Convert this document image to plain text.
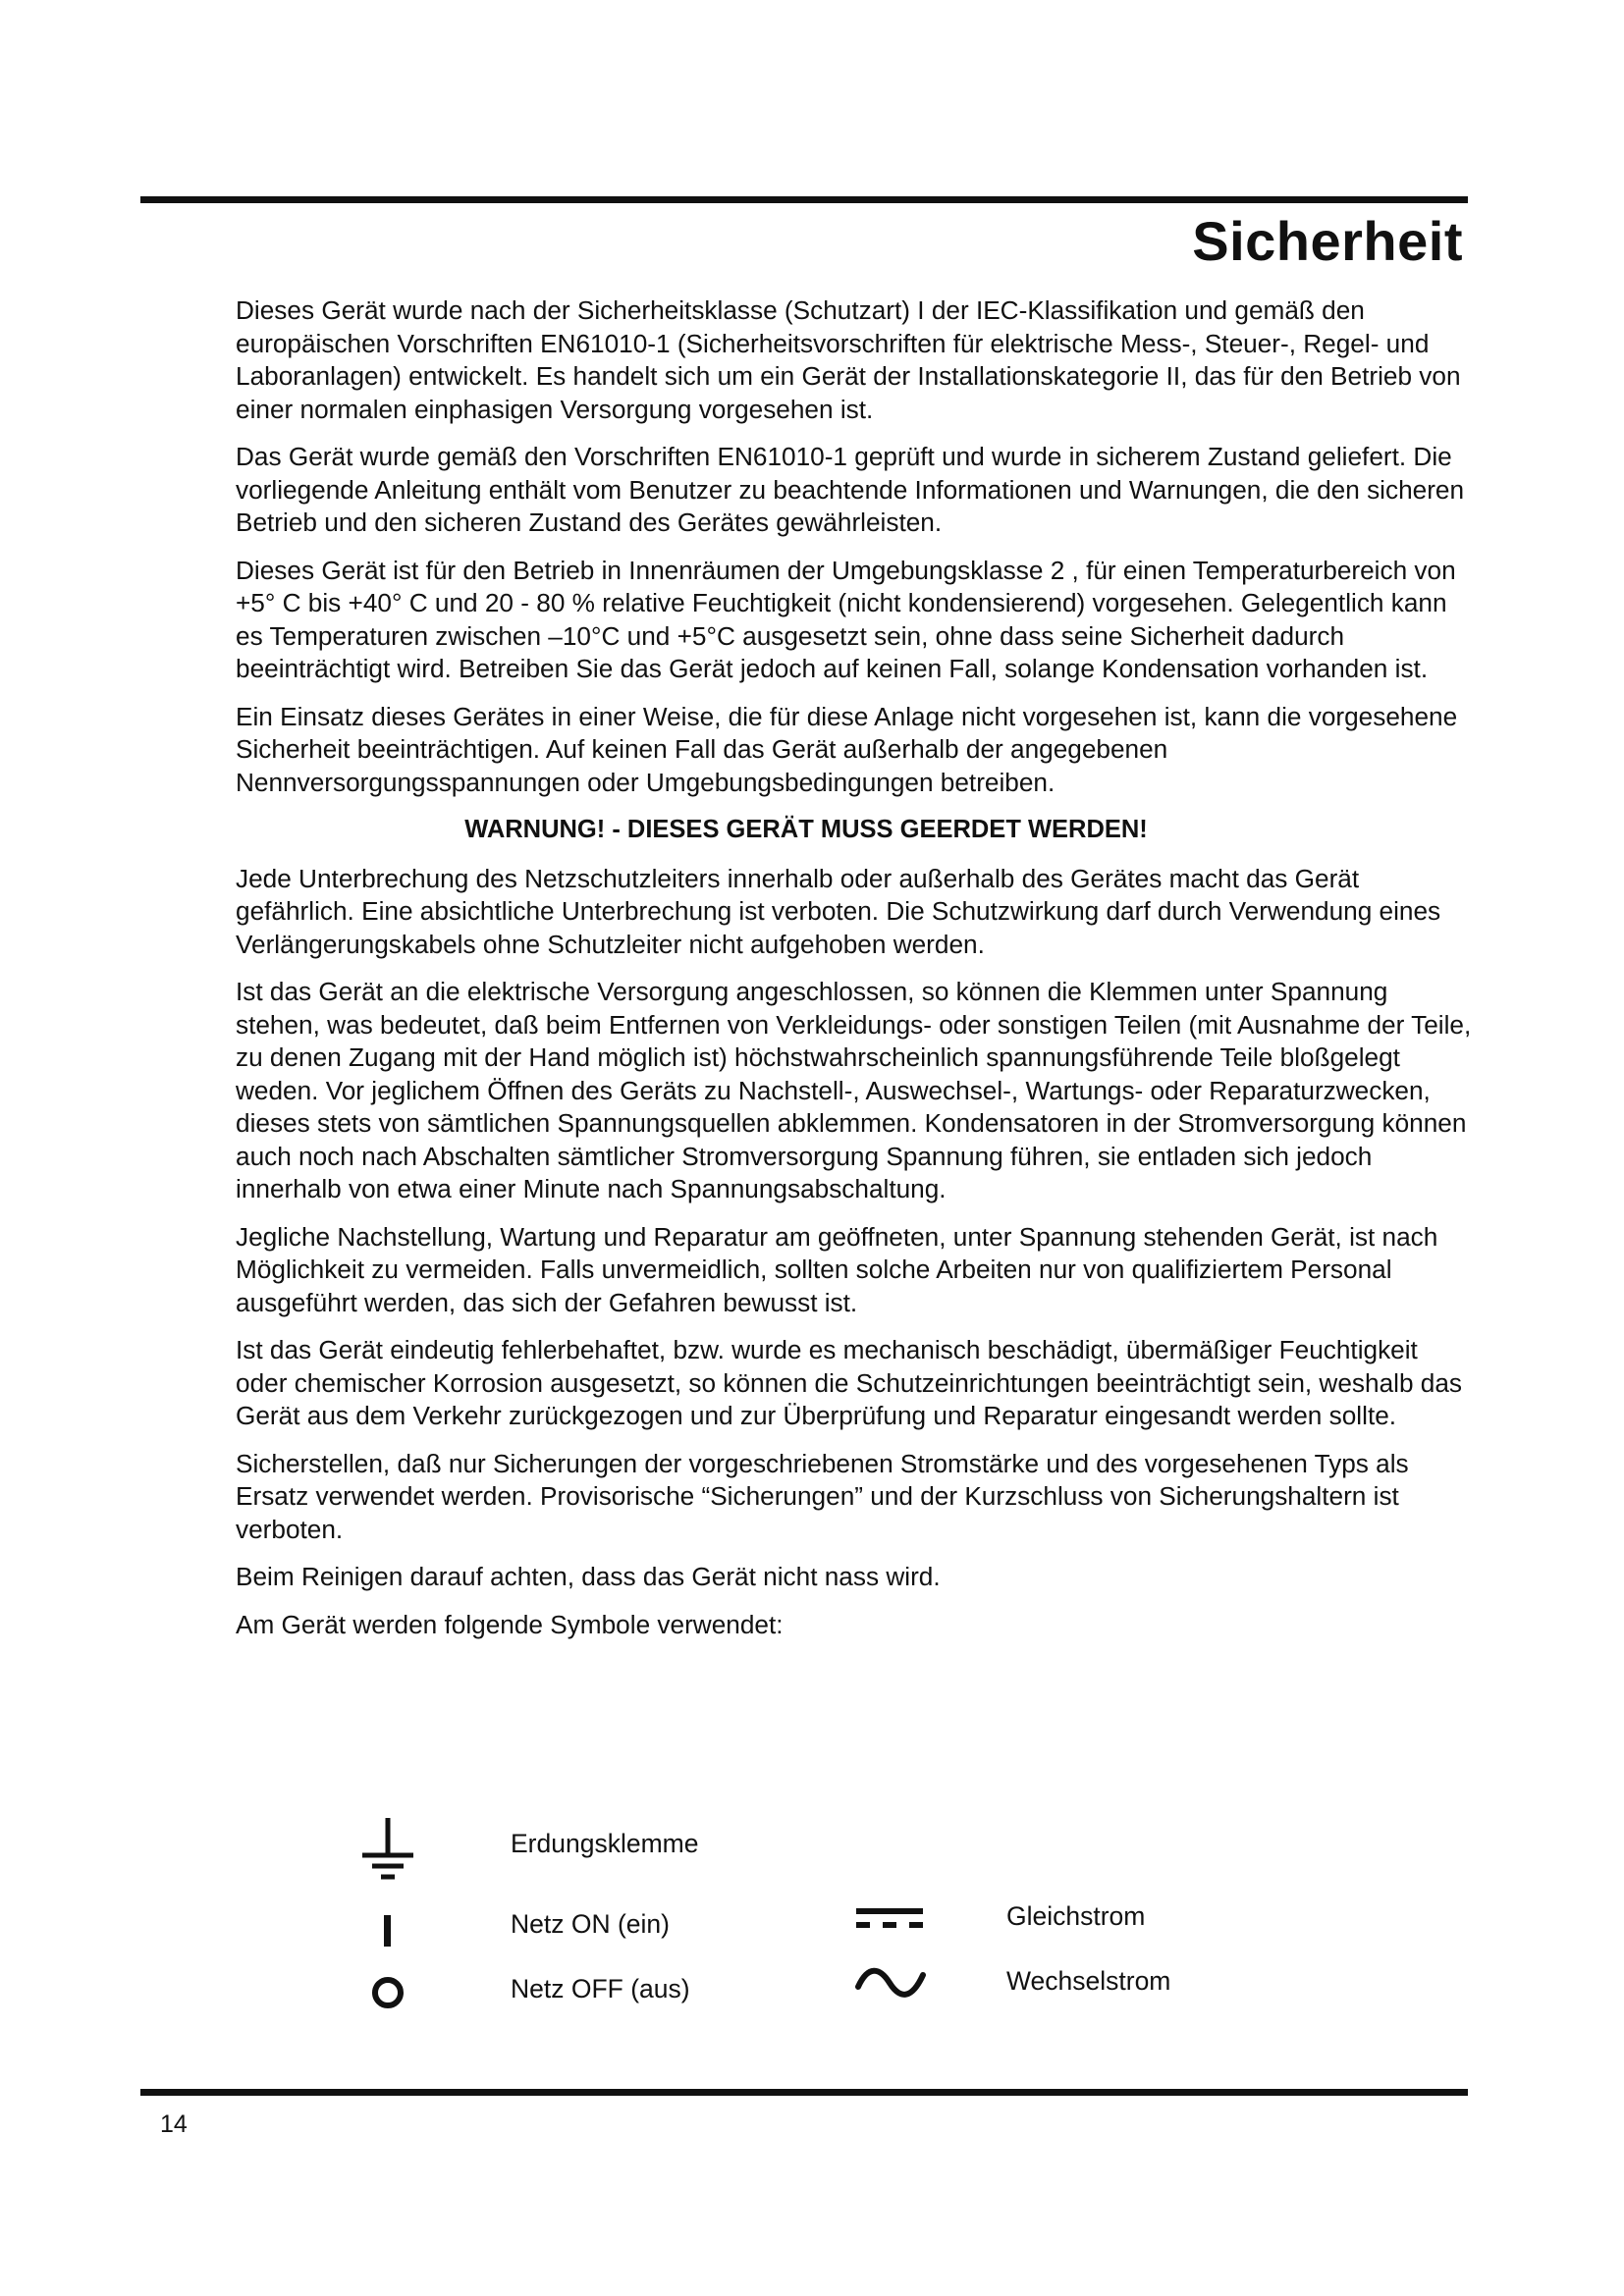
Sicherheit

Dieses Gerät wurde nach der Sicherheitsklasse (Schutzart) I der IEC-Klassifikation und gemäß den europäischen Vorschriften EN61010-1 (Sicherheitsvorschriften für elektrische Mess-, Steuer-, Regel- und Laboranlagen) entwickelt. Es handelt sich um ein Gerät der Installationskategorie II, das für den Betrieb von einer normalen einphasigen Versorgung vorgesehen ist.

Das Gerät wurde gemäß den Vorschriften EN61010-1 geprüft und wurde in sicherem Zustand geliefert. Die vorliegende Anleitung enthält vom Benutzer zu beachtende Informationen und Warnungen, die den sicheren Betrieb und den sicheren Zustand des Gerätes gewährleisten.

Dieses Gerät ist für den Betrieb in Innenräumen der Umgebungsklasse 2 , für einen Temperaturbereich von +5° C bis +40° C und 20 - 80 % relative Feuchtigkeit (nicht kondensierend) vorgesehen. Gelegentlich kann es Temperaturen zwischen –10°C und +5°C ausgesetzt sein, ohne dass seine Sicherheit dadurch beeinträchtigt wird. Betreiben Sie das Gerät jedoch auf keinen Fall, solange Kondensation vorhanden ist.

Ein Einsatz dieses Gerätes in einer Weise, die für diese Anlage nicht vorgesehen ist, kann die vorgesehene Sicherheit beeinträchtigen. Auf keinen Fall das Gerät außerhalb der angegebenen Nennversorgungsspannungen oder Umgebungsbedingungen betreiben.

WARNUNG! - DIESES GERÄT MUSS GEERDET WERDEN!

Jede Unterbrechung des Netzschutzleiters innerhalb oder außerhalb des Gerätes macht das Gerät gefährlich. Eine absichtliche Unterbrechung ist verboten. Die Schutzwirkung darf durch Verwendung eines Verlängerungskabels ohne Schutzleiter nicht aufgehoben werden.

Ist das Gerät an die elektrische Versorgung angeschlossen, so können die Klemmen unter Spannung stehen, was bedeutet, daß beim Entfernen von Verkleidungs- oder sonstigen Teilen (mit Ausnahme der Teile, zu denen Zugang mit der Hand möglich ist) höchstwahrscheinlich spannungsführende Teile bloßgelegt weden. Vor jeglichem Öffnen des Geräts zu Nachstell-, Auswechsel-, Wartungs- oder Reparaturzwecken, dieses stets von sämtlichen Spannungsquellen abklemmen. Kondensatoren in der Stromversorgung können auch noch nach Abschalten sämtlicher Stromversorgung Spannung führen, sie entladen sich jedoch innerhalb von etwa einer Minute nach Spannungsabschaltung.

Jegliche Nachstellung, Wartung und Reparatur am geöffneten, unter Spannung stehenden Gerät, ist nach Möglichkeit zu vermeiden. Falls unvermeidlich, sollten solche Arbeiten nur von qualifiziertem Personal ausgeführt werden, das sich der Gefahren bewusst ist.

Ist das Gerät eindeutig fehlerbehaftet, bzw. wurde es mechanisch beschädigt, übermäßiger Feuchtigkeit oder chemischer Korrosion ausgesetzt, so können die Schutzeinrichtungen beeinträchtigt sein, weshalb das Gerät aus dem Verkehr zurückgezogen und zur Überprüfung und Reparatur eingesandt werden sollte.

Sicherstellen, daß nur Sicherungen der vorgeschriebenen Stromstärke und des vorgesehenen Typs als Ersatz verwendet werden. Provisorische “Sicherungen” und der Kurzschluss von Sicherungshaltern ist verboten.

Beim Reinigen darauf achten, dass das Gerät nicht nass wird.

Am Gerät werden folgende Symbole verwendet:

Erdungsklemme
Netz ON (ein)
Netz OFF (aus)
Gleichstrom
Wechselstrom
14
